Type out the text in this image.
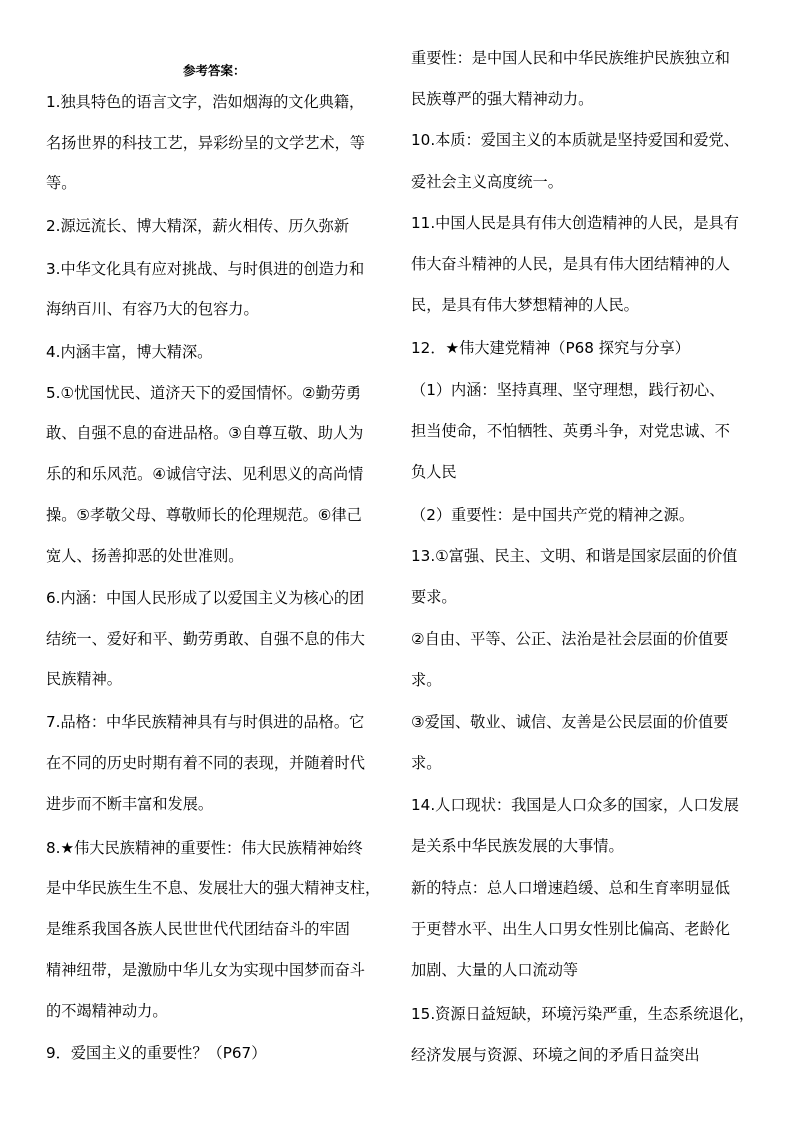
参考答案：
1.独具特色的语言文字，浩如烟海的文化典籍，
名扬世界的科技工艺，异彩纷呈的文学艺术，等
等。
2.源远流长、博大精深，薪火相传、历久弥新
3.中华文化具有应对挑战、与时俱进的创造力和
海纳百川、有容乃大的包容力。
4.内涵丰富，博大精深。
5.①忧国忧民、道济天下的爱国情怀。②勤劳勇
敢、自强不息的奋进品格。③自尊互敬、助人为
乐的和乐风范。④诚信守法、见利思义的高尚情
操。⑤孝敬父母、尊敬师长的伦理规范。⑥律己
宽人、扬善抑恶的处世准则。
6.内涵：中国人民形成了以爱国主义为核心的团
结统一、爱好和平、勤劳勇敢、自强不息的伟大
民族精神。
7.品格：中华民族精神具有与时俱进的品格。它
在不同的历史时期有着不同的表现，并随着时代
进步而不断丰富和发展。
8.★伟大民族精神的重要性：伟大民族精神始终
是中华民族生生不息、发展壮大的强大精神支柱，
是维系我国各族人民世世代代团结奋斗的牢固
精神纽带，是激励中华儿女为实现中国梦而奋斗
的不竭精神动力。
9．爱国主义的重要性？（P67）
重要性：是中国人民和中华民族维护民族独立和
民族尊严的强大精神动力。
10.本质：爱国主义的本质就是坚持爱国和爱党、
爱社会主义高度统一。
11.中国人民是具有伟大创造精神的人民，是具有
伟大奋斗精神的人民，是具有伟大团结精神的人
民，是具有伟大梦想精神的人民。
12．★伟大建党精神（P68 探究与分享）
（1）内涵：坚持真理、坚守理想，践行初心、
担当使命，不怕牺牲、英勇斗争，对党忠诚、不
负人民
（2）重要性：是中国共产党的精神之源。
13.①富强、民主、文明、和谐是国家层面的价值
要求。
②自由、平等、公正、法治是社会层面的价值要
求。
③爱国、敬业、诚信、友善是公民层面的价值要
求。
14.人口现状：我国是人口众多的国家，人口发展
是关系中华民族发展的大事情。
新的特点：总人口增速趋缓、总和生育率明显低
于更替水平、出生人口男女性别比偏高、老龄化
加剧、大量的人口流动等
15.资源日益短缺，环境污染严重，生态系统退化，
经济发展与资源、环境之间的矛盾日益突出
